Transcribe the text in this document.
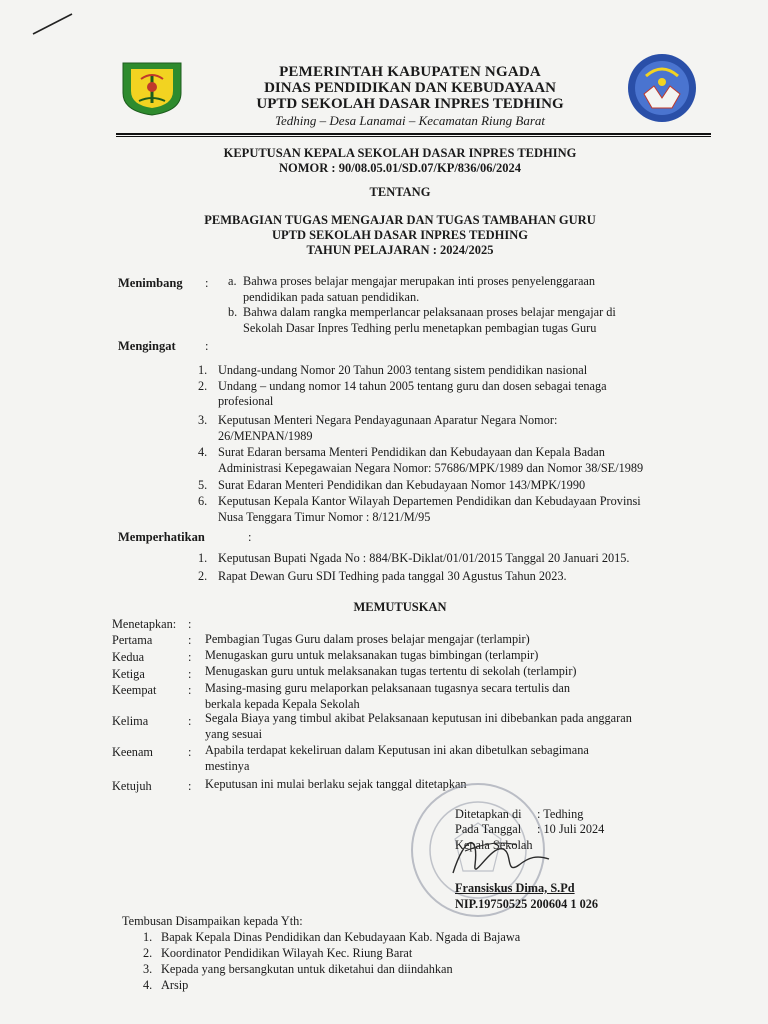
PEMERINTAH KABUPATEN NGADA
DINAS PENDIDIKAN DAN KEBUDAYAAN
UPTD SEKOLAH DASAR INPRES TEDHING
Tedhing – Desa Lanamai – Kecamatan Riung Barat
KEPUTUSAN KEPALA SEKOLAH DASAR INPRES TEDHING
NOMOR : 90/08.05.01/SD.07/KP/836/06/2024
TENTANG
PEMBAGIAN TUGAS MENGAJAR DAN TUGAS TAMBAHAN GURU
UPTD SEKOLAH DASAR INPRES TEDHING
TAHUN PELAJARAN : 2024/2025
Menimbang : a. Bahwa proses belajar mengajar merupakan inti proses penyelenggaraan
pendidikan pada satuan pendidikan.
b. Bahwa dalam rangka memperlancar pelaksanaan proses belajar mengajar di
Sekolah Dasar Inpres Tedhing perlu menetapkan pembagian tugas Guru
Mengingat :
1. Undang-undang Nomor 20 Tahun 2003 tentang sistem pendidikan nasional
2. Undang – undang nomor 14 tahun 2005 tentang guru dan dosen sebagai tenaga
profesional
3. Keputusan Menteri Negara Pendayagunaan Aparatur Negara Nomor:
26/MENPAN/1989
4. Surat Edaran bersama Menteri Pendidikan dan Kebudayaan dan Kepala Badan
Administrasi Kepegawaian Negara Nomor: 57686/MPK/1989 dan Nomor 38/SE/1989
5. Surat Edaran Menteri Pendidikan dan Kebudayaan Nomor 143/MPK/1990
6. Keputusan Kepala Kantor Wilayah Departemen Pendidikan dan Kebudayaan Provinsi
Nusa Tenggara Timur Nomor : 8/121/M/95
Memperhatikan	:
1. Keputusan Bupati Ngada No : 884/BK-Diklat/01/01/2015 Tanggal 20 Januari 2015.
2. Rapat Dewan Guru SDI Tedhing pada tanggal 30 Agustus Tahun 2023.
MEMUTUSKAN
Menetapkan: :
Pertama	: Pembagian Tugas Guru dalam proses belajar mengajar (terlampir)
Kedua	: Menugaskan guru untuk melaksanakan tugas bimbingan (terlampir)
Ketiga	: Menugaskan guru untuk melaksanakan tugas tertentu di sekolah (terlampir)
Keempat	: Masing-masing guru melaporkan pelaksanaan tugasnya secara tertulis dan
berkala kepada Kepala Sekolah
Kelima	: Segala Biaya yang timbul akibat Pelaksanaan keputusan ini dibebankan pada anggaran
yang sesuai
Keenam	: Apabila terdapat kekeliruan dalam Keputusan ini akan dibetulkan sebagimana
mestinya
Ketujuh	: Keputusan ini mulai berlaku sejak tanggal ditetapkan
Ditetapkan di : Tedhing
Pada Tanggal : 10 Juli 2024
Kepala Sekolah
Fransiskus Dima, S.Pd
NIP.19750525 200604 1 026
Tembusan Disampaikan kepada Yth:
1. Bapak Kepala Dinas Pendidikan dan Kebudayaan Kab. Ngada di Bajawa
2. Koordinator Pendidikan Wilayah Kec. Riung Barat
3. Kepada yang bersangkutan untuk diketahui dan diindahkan
4. Arsip
